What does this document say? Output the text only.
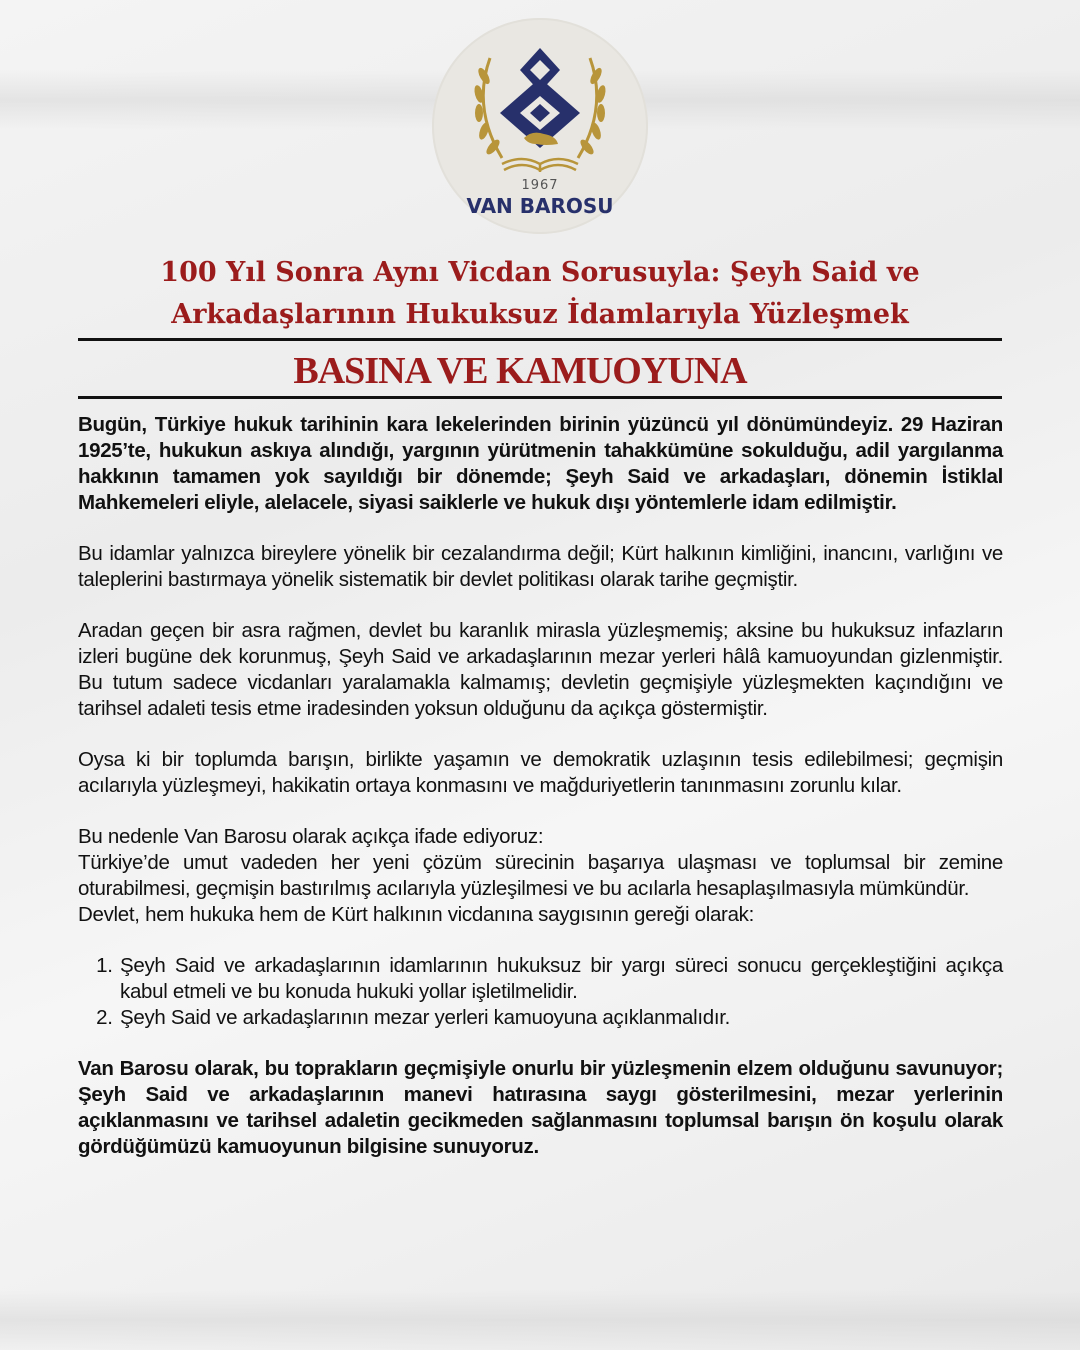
1967
VAN BAROSU
100 Yıl Sonra Aynı Vicdan Sorusuyla: Şeyh Said ve Arkadaşlarının Hukuksuz İdamlarıyla Yüzleşmek
BASINA VE KAMUOYUNA

Bugün, Türkiye hukuk tarihinin kara lekelerinden birinin yüzüncü yıl dönümündeyiz. 29 Haziran 1925’te, hukukun askıya alındığı, yargının yürütmenin tahakkümüne sokulduğu, adil yargılanma hakkının tamamen yok sayıldığı bir dönemde; Şeyh Said ve arkadaşları, dönemin İstiklal Mahkemeleri eliyle, alelacele, siyasi saiklerle ve hukuk dışı yöntemlerle idam edilmiştir.

Bu idamlar yalnızca bireylere yönelik bir cezalandırma değil; Kürt halkının kimliğini, inancını, varlığını ve taleplerini bastırmaya yönelik sistematik bir devlet politikası olarak tarihe geçmiştir.

Aradan geçen bir asra rağmen, devlet bu karanlık mirasla yüzleşmemiş; aksine bu hukuksuz infazların izleri bugüne dek korunmuş, Şeyh Said ve arkadaşlarının mezar yerleri hâlâ kamuoyundan gizlenmiştir. Bu tutum sadece vicdanları yaralamakla kalmamış; devletin geçmişiyle yüzleşmekten kaçındığını ve tarihsel adaleti tesis etme iradesinden yoksun olduğunu da açıkça göstermiştir.

Oysa ki bir toplumda barışın, birlikte yaşamın ve demokratik uzlaşının tesis edilebilmesi; geçmişin acılarıyla yüzleşmeyi, hakikatin ortaya konmasını ve mağduriyetlerin tanınmasını zorunlu kılar.

Bu nedenle Van Barosu olarak açıkça ifade ediyoruz:

Türkiye’de umut vadeden her yeni çözüm sürecinin başarıya ulaşması ve toplumsal bir zemine oturabilmesi, geçmişin bastırılmış acılarıyla yüzleşilmesi ve bu acılarla hesaplaşılmasıyla mümkündür.

Devlet, hem hukuka hem de Kürt halkının vicdanına saygısının gereği olarak:

1. Şeyh Said ve arkadaşlarının idamlarının hukuksuz bir yargı süreci sonucu gerçekleştiğini açıkça kabul etmeli ve bu konuda hukuki yollar işletilmelidir.
2. Şeyh Said ve arkadaşlarının mezar yerleri kamuoyuna açıklanmalıdır.

Van Barosu olarak, bu toprakların geçmişiyle onurlu bir yüzleşmenin elzem olduğunu savunuyor; Şeyh Said ve arkadaşlarının manevi hatırasına saygı gösterilmesini, mezar yerlerinin açıklanmasını ve tarihsel adaletin gecikmeden sağlanmasını toplumsal barışın ön koşulu olarak gördüğümüzü kamuoyunun bilgisine sunuyoruz.
